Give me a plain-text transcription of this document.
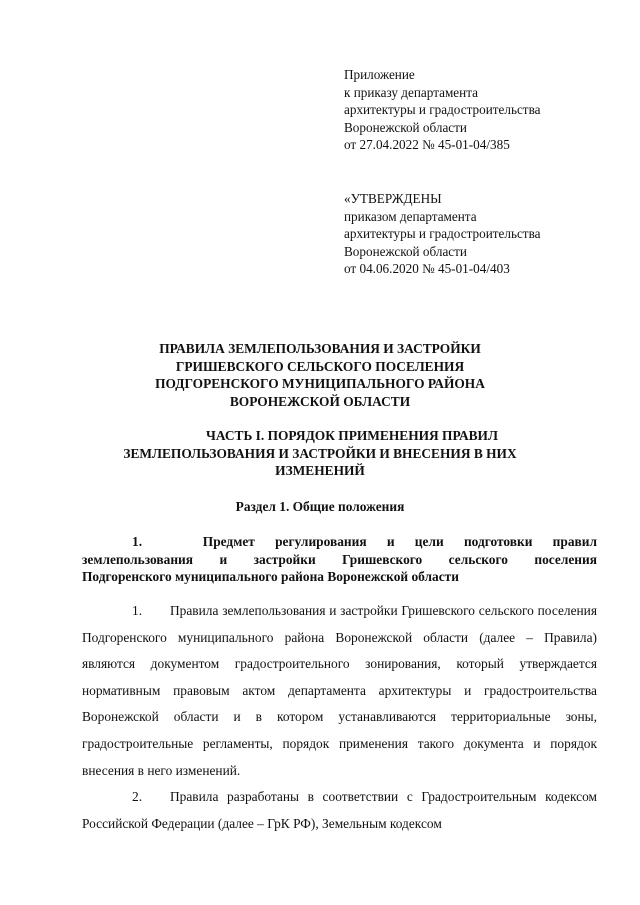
Приложение
к приказу департамента
архитектуры и градостроительства
Воронежской области
от 27.04.2022 № 45-01-04/385
«УТВЕРЖДЕНЫ
приказом департамента
архитектуры и градостроительства
Воронежской области
от 04.06.2020 № 45-01-04/403
ПРАВИЛА ЗЕМЛЕПОЛЬЗОВАНИЯ И ЗАСТРОЙКИ
ГРИШЕВСКОГО СЕЛЬСКОГО ПОСЕЛЕНИЯ
ПОДГОРЕНСКОГО МУНИЦИПАЛЬНОГО РАЙОНА
ВОРОНЕЖСКОЙ ОБЛАСТИ
ЧАСТЬ I. ПОРЯДОК ПРИМЕНЕНИЯ ПРАВИЛ
ЗЕМЛЕПОЛЬЗОВАНИЯ И ЗАСТРОЙКИ И ВНЕСЕНИЯ В НИХ
ИЗМЕНЕНИЙ
Раздел 1. Общие положения
1.   Предмет регулирования и цели подготовки правил
землепользования и застройки Гришевского сельского поселения
Подгоренского муниципального района Воронежской области

1. Правила землепользования и застройки Гришевского сельского поселения Подгоренского муниципального района Воронежской области (далее – Правила) являются документом градостроительного зонирования, который утверждается нормативным правовым актом департамента архитектуры и градостроительства Воронежской области и в котором устанавливаются территориальные зоны, градостроительные регламенты, порядок применения такого документа и порядок внесения в него изменений.

2. Правила разработаны в соответствии с Градостроительным кодексом Российской Федерации (далее – ГрК РФ), Земельным кодексом
